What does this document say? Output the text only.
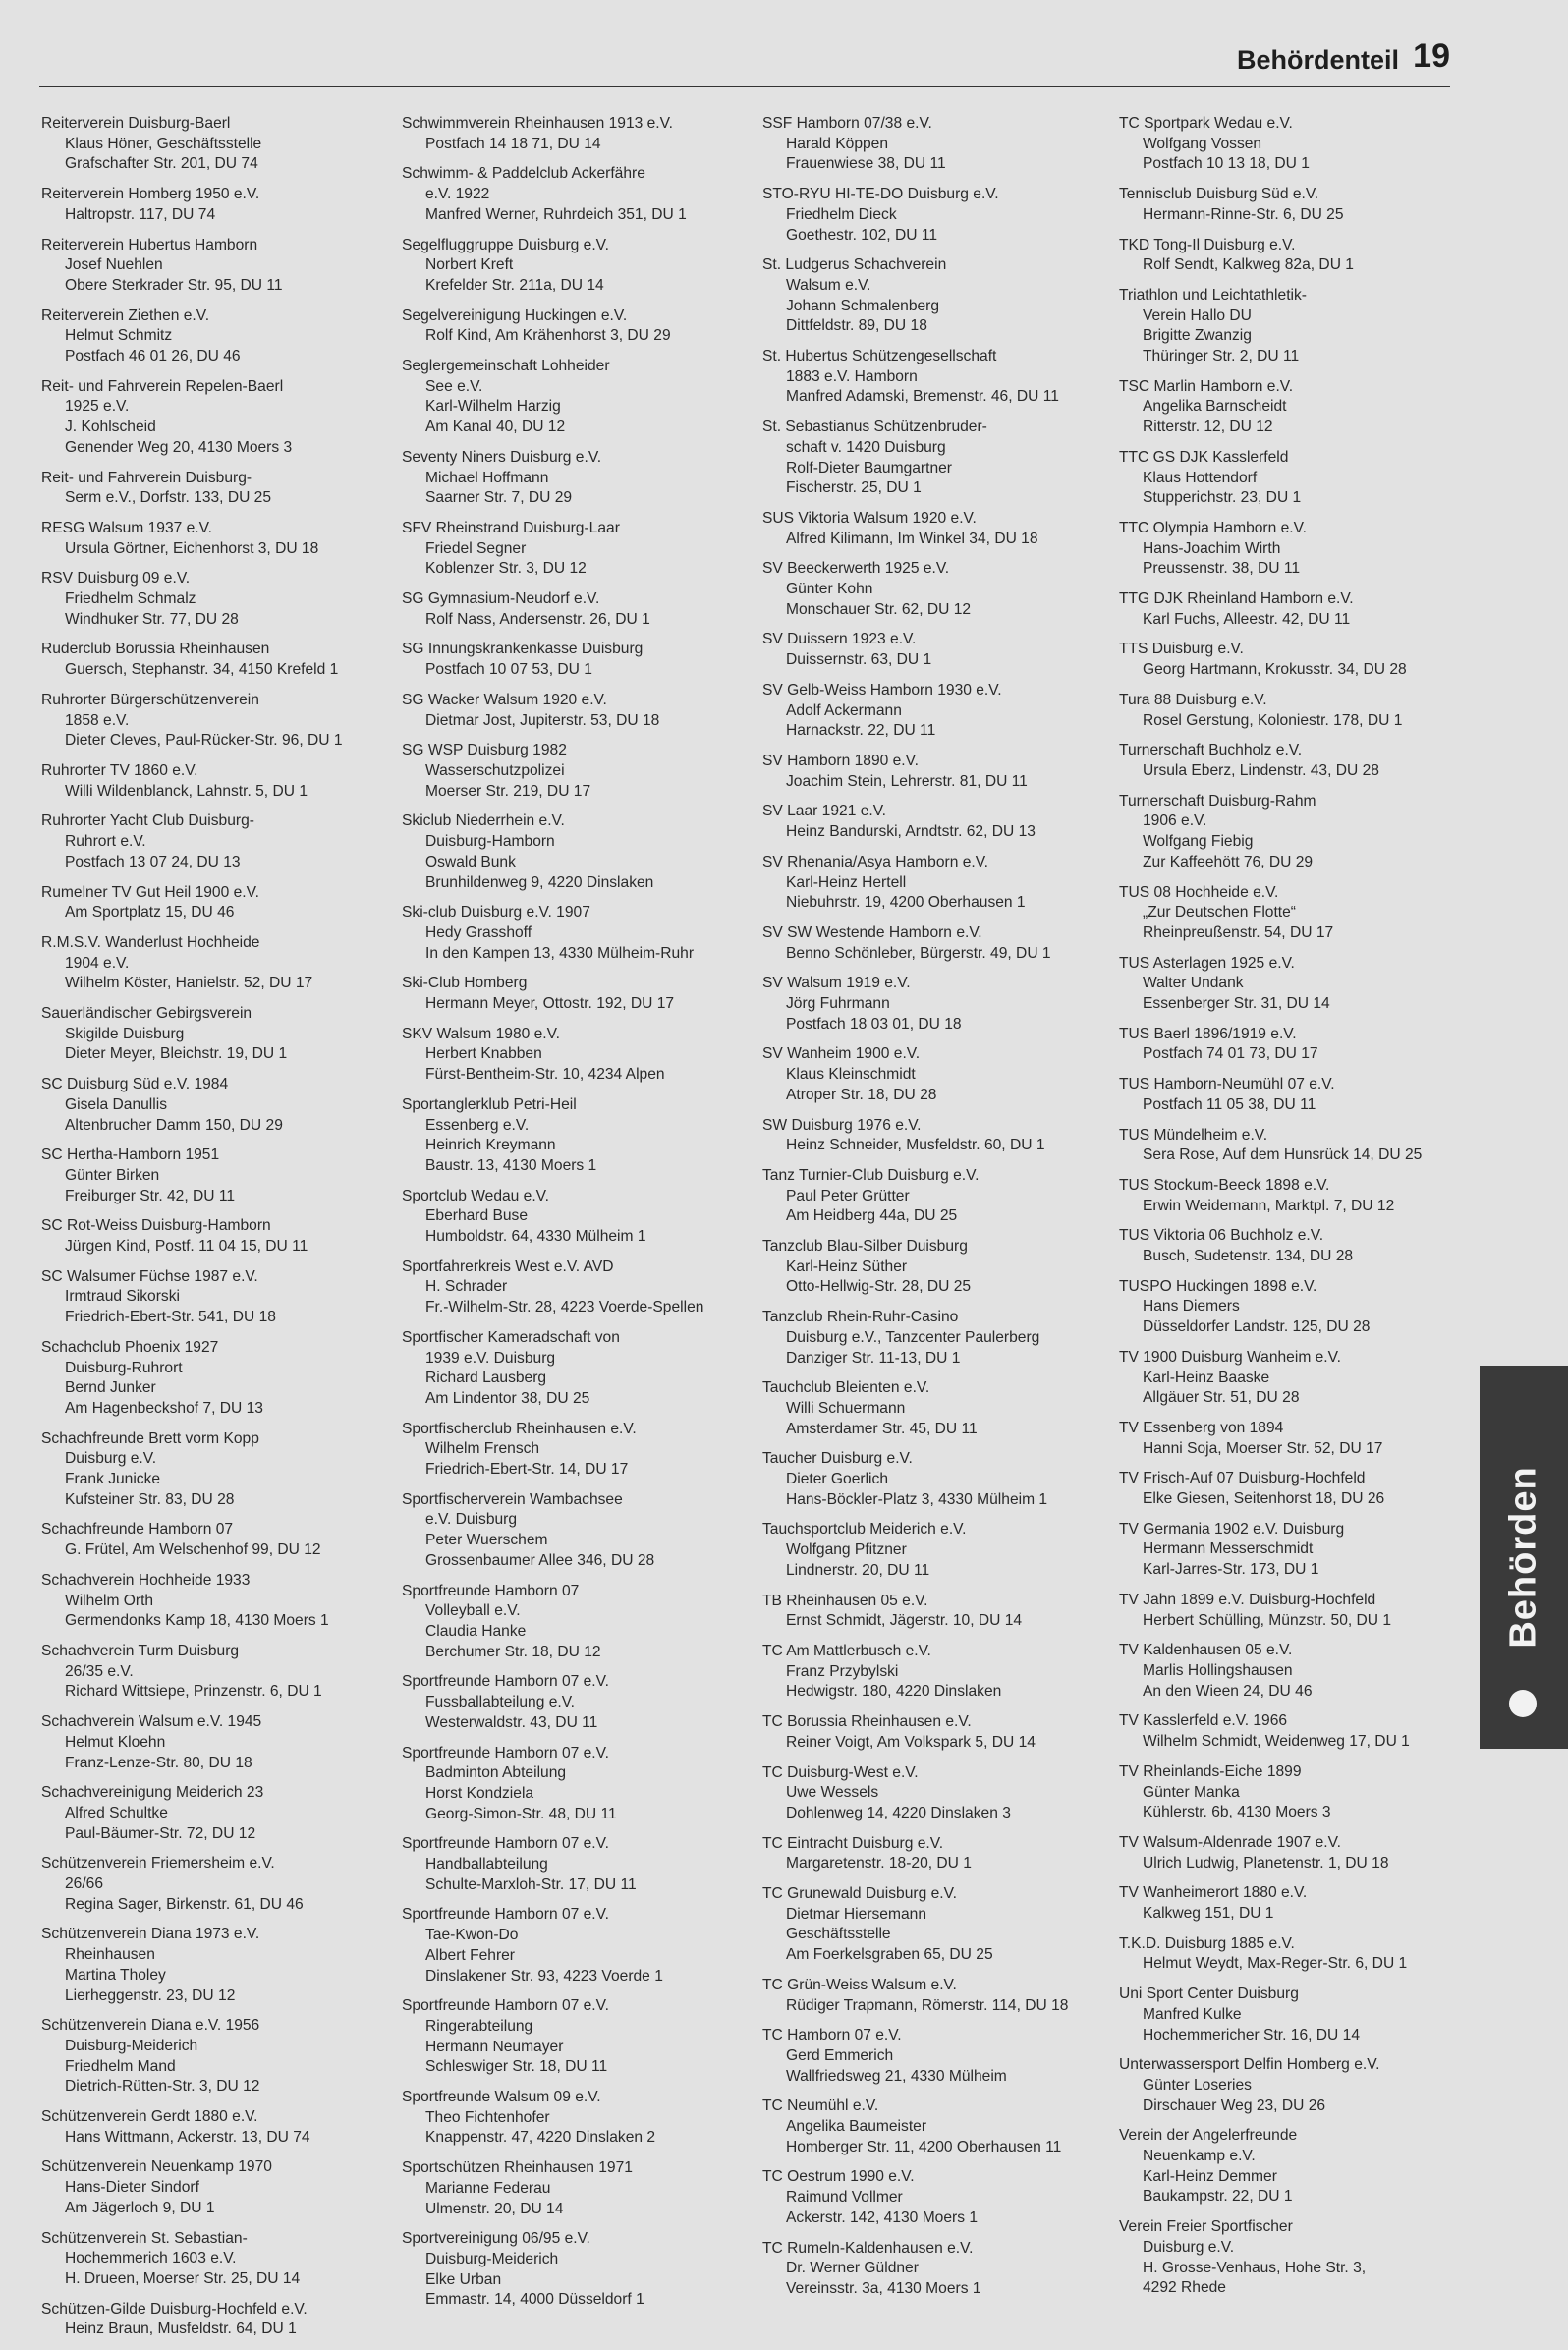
Behördenteil 19
Reiterverein Duisburg-Baerl
Klaus Höner, Geschäftsstelle
Grafschafter Str. 201, DU 74
Reiterverein Homberg 1950 e.V.
Haltropstr. 117, DU 74
Reiterverein Hubertus Hamborn
Josef Nuehlen
Obere Sterkrader Str. 95, DU 11
Reiterverein Ziethen e.V.
Helmut Schmitz
Postfach 46 01 26, DU 46
Reit- und Fahrverein Repelen-Baerl
1925 e.V.
J. Kohlscheid
Genender Weg 20, 4130 Moers 3
Reit- und Fahrverein Duisburg-
Serm e.V., Dorfstr. 133, DU 25
RESG Walsum 1937 e.V.
Ursula Görtner, Eichenhorst 3, DU 18
RSV Duisburg 09 e.V.
Friedhelm Schmalz
Windhuker Str. 77, DU 28
Ruderclub Borussia Rheinhausen
Guersch, Stephanstr. 34, 4150 Krefeld 1
Ruhrorter Bürgerschützenverein
1858 e.V.
Dieter Cleves, Paul-Rücker-Str. 96, DU 1
Ruhrorter TV 1860 e.V.
Willi Wildenblanck, Lahnstr. 5, DU 1
Ruhrorter Yacht Club Duisburg-
Ruhrort e.V.
Postfach 13 07 24, DU 13
Rumelner TV Gut Heil 1900 e.V.
Am Sportplatz 15, DU 46
R.M.S.V. Wanderlust Hochheide
1904 e.V.
Wilhelm Köster, Hanielstr. 52, DU 17
Sauerländischer Gebirgsverein
Skigilde Duisburg
Dieter Meyer, Bleichstr. 19, DU 1
SC Duisburg Süd e.V. 1984
Gisela Danullis
Altenbrucher Damm 150, DU 29
SC Hertha-Hamborn 1951
Günter Birken
Freiburger Str. 42, DU 11
SC Rot-Weiss Duisburg-Hamborn
Jürgen Kind, Postf. 11 04 15, DU 11
SC Walsumer Füchse 1987 e.V.
Irmtraud Sikorski
Friedrich-Ebert-Str. 541, DU 18
Schachclub Phoenix 1927
Duisburg-Ruhrort
Bernd Junker
Am Hagenbeckshof 7, DU 13
Schachfreunde Brett vorm Kopp
Duisburg e.V.
Frank Junicke
Kufsteiner Str. 83, DU 28
Schachfreunde Hamborn 07
G. Frütel, Am Welschenhof 99, DU 12
Schachverein Hochheide 1933
Wilhelm Orth
Germendonks Kamp 18, 4130 Moers 1
Schachverein Turm Duisburg
26/35 e.V.
Richard Wittsiepe, Prinzenstr. 6, DU 1
Schachverein Walsum e.V. 1945
Helmut Kloehn
Franz-Lenze-Str. 80, DU 18
Schachvereinigung Meiderich 23
Alfred Schultke
Paul-Bäumer-Str. 72, DU 12
Schützenverein Friemersheim e.V.
26/66
Regina Sager, Birkenstr. 61, DU 46
Schützenverein Diana 1973 e.V.
Rheinhausen
Martina Tholey
Lierheggenstr. 23, DU 12
Schützenverein Diana e.V. 1956
Duisburg-Meiderich
Friedhelm Mand
Dietrich-Rütten-Str. 3, DU 12
Schützenverein Gerdt 1880 e.V.
Hans Wittmann, Ackerstr. 13, DU 74
Schützenverein Neuenkamp 1970
Hans-Dieter Sindorf
Am Jägerloch 9, DU 1
Schützenverein St. Sebastian-
Hochemmerich 1603 e.V.
H. Drueen, Moerser Str. 25, DU 14
Schützen-Gilde Duisburg-Hochfeld e.V.
Heinz Braun, Musfeldstr. 64, DU 1
Schwimmverein Rheinhausen 1913 e.V.
Postfach 14 18 71, DU 14
Schwimm- & Paddelclub Ackerfähre
e.V. 1922
Manfred Werner, Ruhrdeich 351, DU 1
Segelfluggruppe Duisburg e.V.
Norbert Kreft
Krefelder Str. 211a, DU 14
Segelvereinigung Huckingen e.V.
Rolf Kind, Am Krähenhorst 3, DU 29
Seglergemeinschaft Lohheider
See e.V.
Karl-Wilhelm Harzig
Am Kanal 40, DU 12
Seventy Niners Duisburg e.V.
Michael Hoffmann
Saarner Str. 7, DU 29
SFV Rheinstrand Duisburg-Laar
Friedel Segner
Koblenzer Str. 3, DU 12
SG Gymnasium-Neudorf e.V.
Rolf Nass, Andersenstr. 26, DU 1
SG Innungskrankenkasse Duisburg
Postfach 10 07 53, DU 1
SG Wacker Walsum 1920 e.V.
Dietmar Jost, Jupiterstr. 53, DU 18
SG WSP Duisburg 1982
Wasserschutzpolizei
Moerser Str. 219, DU 17
Skiclub Niederrhein e.V.
Duisburg-Hamborn
Oswald Bunk
Brunhildenweg 9, 4220 Dinslaken
Ski-club Duisburg e.V. 1907
Hedy Grasshoff
In den Kampen 13, 4330 Mülheim-Ruhr
Ski-Club Homberg
Hermann Meyer, Ottostr. 192, DU 17
SKV Walsum 1980 e.V.
Herbert Knabben
Fürst-Bentheim-Str. 10, 4234 Alpen
Sportanglerklub Petri-Heil
Essenberg e.V.
Heinrich Kreymann
Baustr. 13, 4130 Moers 1
Sportclub Wedau e.V.
Eberhard Buse
Humboldstr. 64, 4330 Mülheim 1
Sportfahrerkreis West e.V. AVD
H. Schrader
Fr.-Wilhelm-Str. 28, 4223 Voerde-Spellen
Sportfischer Kameradschaft von
1939 e.V. Duisburg
Richard Lausberg
Am Lindentor 38, DU 25
Sportfischerclub Rheinhausen e.V.
Wilhelm Frensch
Friedrich-Ebert-Str. 14, DU 17
Sportfischerverein Wambachsee
e.V. Duisburg
Peter Wuerschem
Grossenbaumer Allee 346, DU 28
Sportfreunde Hamborn 07
Volleyball e.V.
Claudia Hanke
Berchumer Str. 18, DU 12
Sportfreunde Hamborn 07 e.V.
Fussballabteilung e.V.
Westerwaldstr. 43, DU 11
Sportfreunde Hamborn 07 e.V.
Badminton Abteilung
Horst Kondziela
Georg-Simon-Str. 48, DU 11
Sportfreunde Hamborn 07 e.V.
Handballabteilung
Schulte-Marxloh-Str. 17, DU 11
Sportfreunde Hamborn 07 e.V.
Tae-Kwon-Do
Albert Fehrer
Dinslakener Str. 93, 4223 Voerde 1
Sportfreunde Hamborn 07 e.V.
Ringerabteilung
Hermann Neumayer
Schleswiger Str. 18, DU 11
Sportfreunde Walsum 09 e.V.
Theo Fichtenhofer
Knappenstr. 47, 4220 Dinslaken 2
Sportschützen Rheinhausen 1971
Marianne Federau
Ulmenstr. 20, DU 14
Sportvereinigung 06/95 e.V.
Duisburg-Meiderich
Elke Urban
Emmastr. 14, 4000 Düsseldorf 1
SSF Hamborn 07/38 e.V.
Harald Köppen
Frauenwiese 38, DU 11
STO-RYU HI-TE-DO Duisburg e.V.
Friedhelm Dieck
Goethestr. 102, DU 11
St. Ludgerus Schachverein
Walsum e.V.
Johann Schmalenberg
Dittfeldstr. 89, DU 18
St. Hubertus Schützengesellschaft
1883 e.V. Hamborn
Manfred Adamski, Bremenstr. 46, DU 11
St. Sebastianus Schützenbruder-
schaft v. 1420 Duisburg
Rolf-Dieter Baumgartner
Fischerstr. 25, DU 1
SUS Viktoria Walsum 1920 e.V.
Alfred Kilimann, Im Winkel 34, DU 18
SV Beeckerwerth 1925 e.V.
Günter Kohn
Monschauer Str. 62, DU 12
SV Duissern 1923 e.V.
Duissernstr. 63, DU 1
SV Gelb-Weiss Hamborn 1930 e.V.
Adolf Ackermann
Harnackstr. 22, DU 11
SV Hamborn 1890 e.V.
Joachim Stein, Lehrerstr. 81, DU 11
SV Laar 1921 e.V.
Heinz Bandurski, Arndtstr. 62, DU 13
SV Rhenania/Asya Hamborn e.V.
Karl-Heinz Hertell
Niebuhrstr. 19, 4200 Oberhausen 1
SV SW Westende Hamborn e.V.
Benno Schönleber, Bürgerstr. 49, DU 1
SV Walsum 1919 e.V.
Jörg Fuhrmann
Postfach 18 03 01, DU 18
SV Wanheim 1900 e.V.
Klaus Kleinschmidt
Atroper Str. 18, DU 28
SW Duisburg 1976 e.V.
Heinz Schneider, Musfeldstr. 60, DU 1
Tanz Turnier-Club Duisburg e.V.
Paul Peter Grütter
Am Heidberg 44a, DU 25
Tanzclub Blau-Silber Duisburg
Karl-Heinz Süther
Otto-Hellwig-Str. 28, DU 25
Tanzclub Rhein-Ruhr-Casino
Duisburg e.V., Tanzcenter Paulerberg
Danziger Str. 11-13, DU 1
Tauchclub Bleienten e.V.
Willi Schuermann
Amsterdamer Str. 45, DU 11
Taucher Duisburg e.V.
Dieter Goerlich
Hans-Böckler-Platz 3, 4330 Mülheim 1
Tauchsportclub Meiderich e.V.
Wolfgang Pfitzner
Lindnerstr. 20, DU 11
TB Rheinhausen 05 e.V.
Ernst Schmidt, Jägerstr. 10, DU 14
TC Am Mattlerbusch e.V.
Franz Przybylski
Hedwigstr. 180, 4220 Dinslaken
TC Borussia Rheinhausen e.V.
Reiner Voigt, Am Volkspark 5, DU 14
TC Duisburg-West e.V.
Uwe Wessels
Dohlenweg 14, 4220 Dinslaken 3
TC Eintracht Duisburg e.V.
Margaretenstr. 18-20, DU 1
TC Grunewald Duisburg e.V.
Dietmar Hiersemann
Geschäftsstelle
Am Foerkelsgraben 65, DU 25
TC Grün-Weiss Walsum e.V.
Rüdiger Trapmann, Römerstr. 114, DU 18
TC Hamborn 07 e.V.
Gerd Emmerich
Wallfriedsweg 21, 4330 Mülheim
TC Neumühl e.V.
Angelika Baumeister
Homberger Str. 11, 4200 Oberhausen 11
TC Oestrum 1990 e.V.
Raimund Vollmer
Ackerstr. 142, 4130 Moers 1
TC Rumeln-Kaldenhausen e.V.
Dr. Werner Güldner
Vereinsstr. 3a, 4130 Moers 1
TC Sportpark Wedau e.V.
Wolfgang Vossen
Postfach 10 13 18, DU 1
Tennisclub Duisburg Süd e.V.
Hermann-Rinne-Str. 6, DU 25
TKD Tong-Il Duisburg e.V.
Rolf Sendt, Kalkweg 82a, DU 1
Triathlon und Leichtathletik-
Verein Hallo DU
Brigitte Zwanzig
Thüringer Str. 2, DU 11
TSC Marlin Hamborn e.V.
Angelika Barnscheidt
Ritterstr. 12, DU 12
TTC GS DJK Kasslerfeld
Klaus Hottendorf
Stupperichstr. 23, DU 1
TTC Olympia Hamborn e.V.
Hans-Joachim Wirth
Preussenstr. 38, DU 11
TTG DJK Rheinland Hamborn e.V.
Karl Fuchs, Alleestr. 42, DU 11
TTS Duisburg e.V.
Georg Hartmann, Krokusstr. 34, DU 28
Tura 88 Duisburg e.V.
Rosel Gerstung, Koloniestr. 178, DU 1
Turnerschaft Buchholz e.V.
Ursula Eberz, Lindenstr. 43, DU 28
Turnerschaft Duisburg-Rahm
1906 e.V.
Wolfgang Fiebig
Zur Kaffeehött 76, DU 29
TUS 08 Hochheide e.V.
„Zur Deutschen Flotte“
Rheinpreußenstr. 54, DU 17
TUS Asterlagen 1925 e.V.
Walter Undank
Essenberger Str. 31, DU 14
TUS Baerl 1896/1919 e.V.
Postfach 74 01 73, DU 17
TUS Hamborn-Neumühl 07 e.V.
Postfach 11 05 38, DU 11
TUS Mündelheim e.V.
Sera Rose, Auf dem Hunsrück 14, DU 25
TUS Stockum-Beeck 1898 e.V.
Erwin Weidemann, Marktpl. 7, DU 12
TUS Viktoria 06 Buchholz e.V.
Busch, Sudetenstr. 134, DU 28
TUSPO Huckingen 1898 e.V.
Hans Diemers
Düsseldorfer Landstr. 125, DU 28
TV 1900 Duisburg Wanheim e.V.
Karl-Heinz Baaske
Allgäuer Str. 51, DU 28
TV Essenberg von 1894
Hanni Soja, Moerser Str. 52, DU 17
TV Frisch-Auf 07 Duisburg-Hochfeld
Elke Giesen, Seitenhorst 18, DU 26
TV Germania 1902 e.V. Duisburg
Hermann Messerschmidt
Karl-Jarres-Str. 173, DU 1
TV Jahn 1899 e.V. Duisburg-Hochfeld
Herbert Schülling, Münzstr. 50, DU 1
TV Kaldenhausen 05 e.V.
Marlis Hollingshausen
An den Wieen 24, DU 46
TV Kasslerfeld e.V. 1966
Wilhelm Schmidt, Weidenweg 17, DU 1
TV Rheinlands-Eiche 1899
Günter Manka
Kühlerstr. 6b, 4130 Moers 3
TV Walsum-Aldenrade 1907 e.V.
Ulrich Ludwig, Planetenstr. 1, DU 18
TV Wanheimerort 1880 e.V.
Kalkweg 151, DU 1
T.K.D. Duisburg 1885 e.V.
Helmut Weydt, Max-Reger-Str. 6, DU 1
Uni Sport Center Duisburg
Manfred Kulke
Hochemmericher Str. 16, DU 14
Unterwassersport Delfin Homberg e.V.
Günter Loseries
Dirschauer Weg 23, DU 26
Verein der Angelerfreunde
Neuenkamp e.V.
Karl-Heinz Demmer
Baukampstr. 22, DU 1
Verein Freier Sportfischer
Duisburg e.V.
H. Grosse-Venhaus, Hohe Str. 3,
4292 Rhede
Behörden
